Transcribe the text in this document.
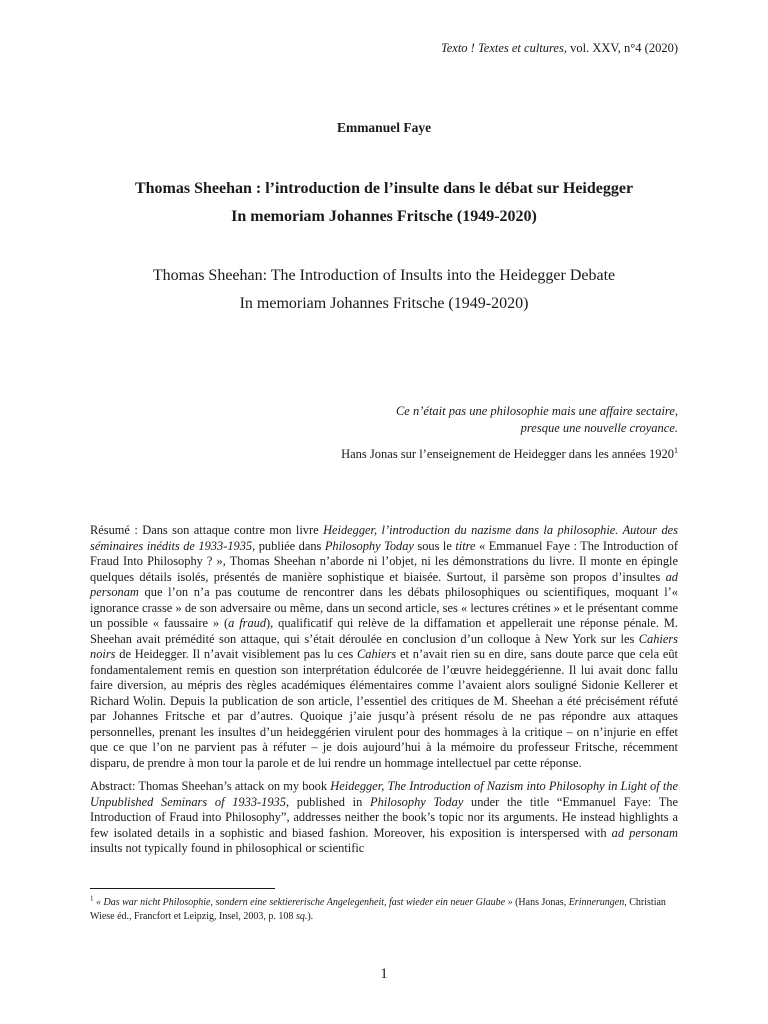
Texto ! Textes et cultures, vol. XXV, n°4 (2020)
Emmanuel Faye
Thomas Sheehan : l’introduction de l’insulte dans le débat sur Heidegger
In memoriam Johannes Fritsche (1949-2020)
Thomas Sheehan: The Introduction of Insults into the Heidegger Debate
In memoriam Johannes Fritsche (1949-2020)
Ce n’était pas une philosophie mais une affaire sectaire,
presque une nouvelle croyance.
Hans Jonas sur l’enseignement de Heidegger dans les années 1920$^1$

Résumé : Dans son attaque contre mon livre Heidegger, l’introduction du nazisme dans la philosophie. Autour des séminaires inédits de 1933-1935, publiée dans Philosophy Today sous le titre « Emmanuel Faye : The Introduction of Fraud Into Philosophy ? », Thomas Sheehan n’aborde ni l’objet, ni les démonstrations du livre. Il monte en épingle quelques détails isolés, présentés de manière sophistique et biaisée. Surtout, il parsème son propos d’insultes ad personam que l’on n’a pas coutume de rencontrer dans les débats philosophiques ou scientifiques, moquant l’« ignorance crasse » de son adversaire ou même, dans un second article, ses « lectures crétines » et le présentant comme un possible « faussaire » (a fraud), qualificatif qui relève de la diffamation et appellerait une réponse pénale. M. Sheehan avait prémédité son attaque, qui s’était déroulée en conclusion d’un colloque à New York sur les Cahiers noirs de Heidegger. Il n’avait visiblement pas lu ces Cahiers et n’avait rien su en dire, sans doute parce que cela eût fondamentalement remis en question son interprétation édulcorée de l’œuvre heideggérienne. Il lui avait donc fallu faire diversion, au mépris des règles académiques élémentaires comme l’avaient alors souligné Sidonie Kellerer et Richard Wolin. Depuis la publication de son article, l’essentiel des critiques de M. Sheehan a été précisément réfuté par Johannes Fritsche et par d’autres. Quoique j’aie jusqu’à présent résolu de ne pas répondre aux attaques personnelles, prenant les insultes d’un heideggérien virulent pour des hommages à la critique – on n’injurie en effet que ce que l’on ne parvient pas à réfuter – je dois aujourd’hui à la mémoire du professeur Fritsche, récemment disparu, de prendre à mon tour la parole et de lui rendre un hommage intellectuel par cette réponse.

Abstract: Thomas Sheehan’s attack on my book Heidegger, The Introduction of Nazism into Philosophy in Light of the Unpublished Seminars of 1933-1935, published in Philosophy Today under the title “Emmanuel Faye: The Introduction of Fraud into Philosophy”, addresses neither the book’s topic nor its arguments. He instead highlights a few isolated details in a sophistic and biased fashion. Moreover, his exposition is interspersed with ad personam insults not typically found in philosophical or scientific

$^1$ « Das war nicht Philosophie, sondern eine sektiererische Angelegenheit, fast wieder ein neuer Glaube » (Hans Jonas, Erinnerungen, Christian Wiese éd., Francfort et Leipzig, Insel, 2003, p. 108 sq.).
1
